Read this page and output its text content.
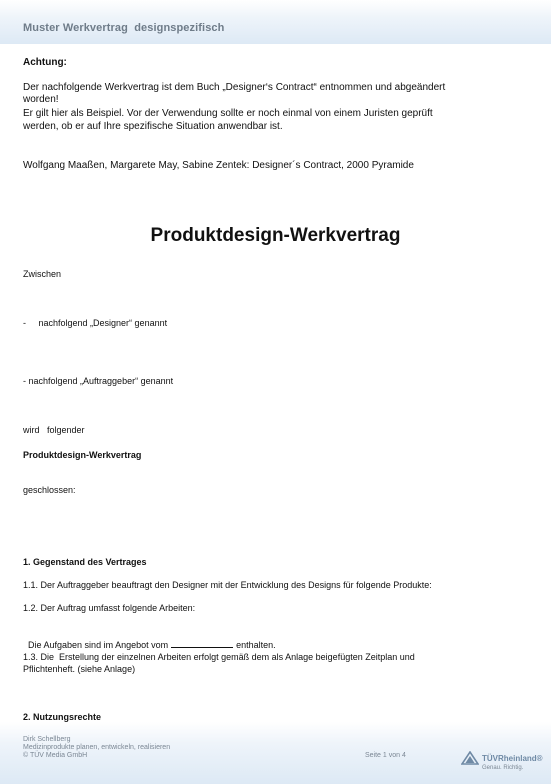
Muster Werkvertrag  designspezifisch
Achtung:
Der nachfolgende Werkvertrag ist dem Buch „Designer‘s Contract“ entnommen und abgeändert
worden!
Er gilt hier als Beispiel. Vor der Verwendung sollte er noch einmal von einem Juristen geprüft
werden, ob er auf Ihre spezifische Situation anwendbar ist.
Wolfgang Maaßen, Margarete May, Sabine Zentek: Designer´s Contract, 2000 Pyramide
Produktdesign-Werkvertrag
Zwischen
-     nachfolgend „Designer“ genannt
- nachfolgend „Auftraggeber“ genannt
wird   folgender
Produktdesign-Werkvertrag
geschlossen:
1. Gegenstand des Vertrages
1.1. Der Auftraggeber beauftragt den Designer mit der Entwicklung des Designs für folgende Produkte:
1.2. Der Auftrag umfasst folgende Arbeiten:

Die Aufgaben sind im Angebot vom	enthalten.

1.3. Die  Erstellung der einzelnen Arbeiten erfolgt gemäß dem als Anlage beigefügten Zeitplan und
Pflichtenheft. (siehe Anlage)
2. Nutzungsrechte
Dirk Schellberg
Medizinprodukte planen, entwickeln, realisieren
© TÜV Media GmbH	Seite 1 von 4	TÜVRheinland®
Genau. Richtig.
